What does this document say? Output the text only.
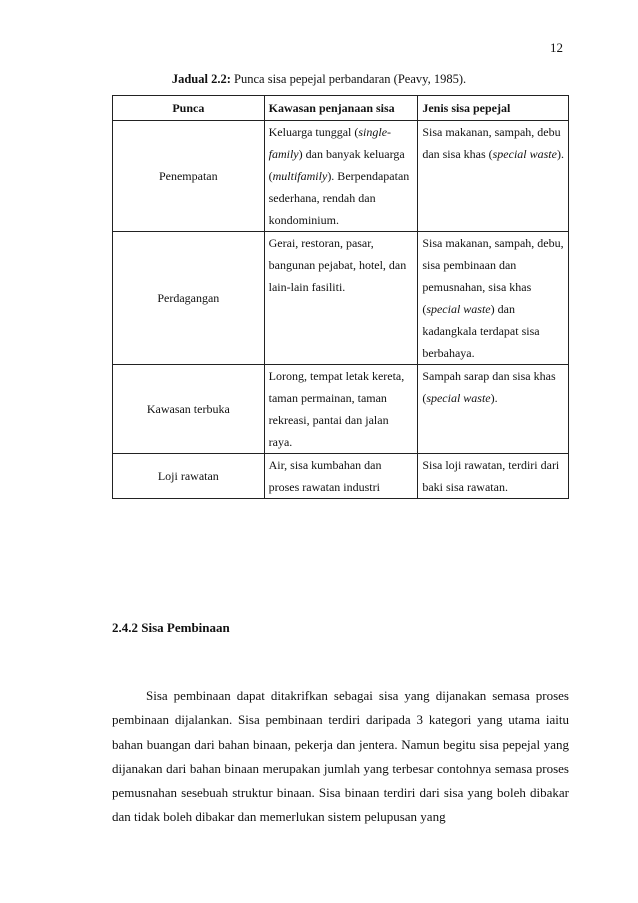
12
Jadual 2.2: Punca sisa pepejal perbandaran (Peavy, 1985).
Punca	Kawasan penjanaan sisa	Jenis sisa pepejal
Penempatan	Keluarga tunggal (single-family) dan banyak keluarga (multifamily). Berpendapatan sederhana, rendah dan kondominium.	Sisa makanan, sampah, debu dan sisa khas (special waste).
Perdagangan	Gerai, restoran, pasar, bangunan pejabat, hotel, dan lain-lain fasiliti.	Sisa makanan, sampah, debu, sisa pembinaan dan pemusnahan, sisa khas (special waste) dan kadangkala terdapat sisa berbahaya.
Kawasan terbuka	Lorong, tempat letak kereta, taman permainan, taman rekreasi, pantai dan jalan raya.	Sampah sarap dan sisa khas (special waste).
Loji rawatan	Air, sisa kumbahan dan proses rawatan industri	Sisa loji rawatan, terdiri dari baki sisa rawatan.
2.4.2 Sisa Pembinaan

Sisa pembinaan dapat ditakrifkan sebagai sisa yang dijanakan semasa proses pembinaan dijalankan. Sisa pembinaan terdiri daripada 3 kategori yang utama iaitu bahan buangan dari bahan binaan, pekerja dan jentera. Namun begitu sisa pepejal yang dijanakan dari bahan binaan merupakan jumlah yang terbesar contohnya semasa proses pemusnahan sesebuah struktur binaan. Sisa binaan terdiri dari sisa yang boleh dibakar dan tidak boleh dibakar dan memerlukan sistem pelupusan yang
